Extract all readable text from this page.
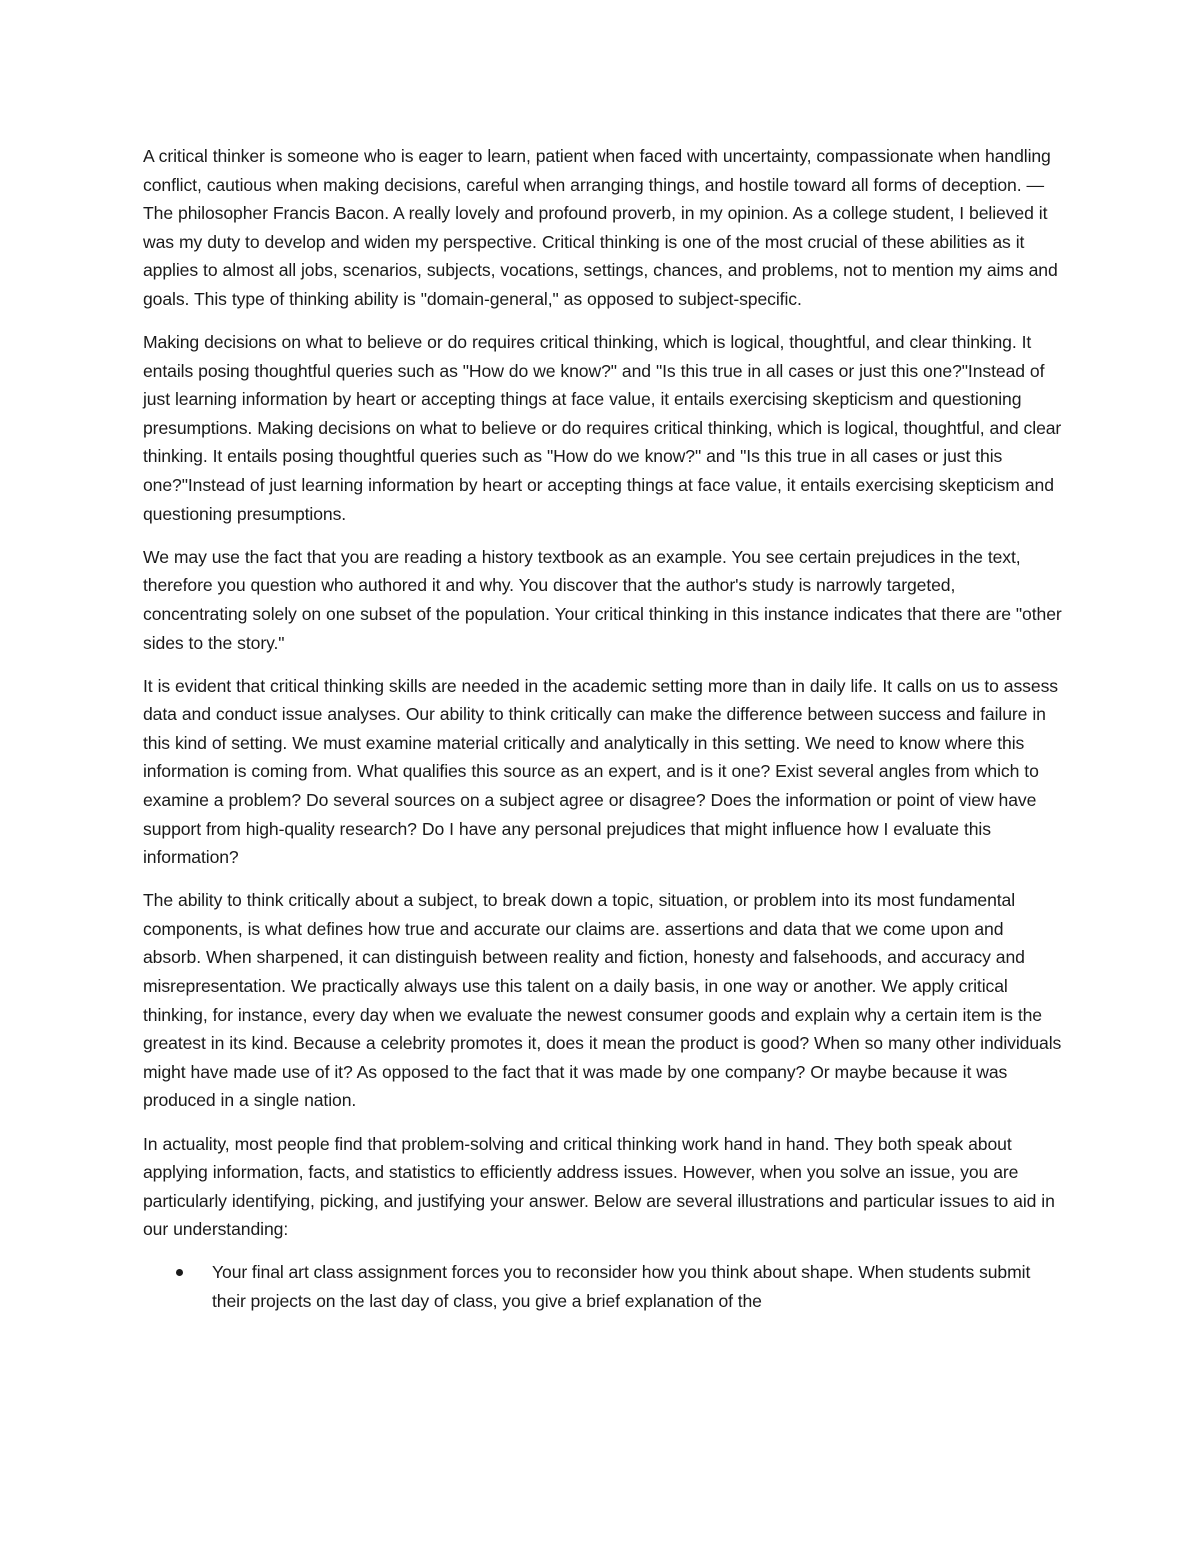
A critical thinker is someone who is eager to learn, patient when faced with uncertainty, compassionate when handling conflict, cautious when making decisions, careful when arranging things, and hostile toward all forms of deception. —The philosopher Francis Bacon. A really lovely and profound proverb, in my opinion. As a college student, I believed it was my duty to develop and widen my perspective. Critical thinking is one of the most crucial of these abilities as it applies to almost all jobs, scenarios, subjects, vocations, settings, chances, and problems, not to mention my aims and goals. This type of thinking ability is "domain-general," as opposed to subject-specific.

Making decisions on what to believe or do requires critical thinking, which is logical, thoughtful, and clear thinking. It entails posing thoughtful queries such as "How do we know?" and "Is this true in all cases or just this one?"Instead of just learning information by heart or accepting things at face value, it entails exercising skepticism and questioning presumptions. Making decisions on what to believe or do requires critical thinking, which is logical, thoughtful, and clear thinking. It entails posing thoughtful queries such as "How do we know?" and "Is this true in all cases or just this one?"Instead of just learning information by heart or accepting things at face value, it entails exercising skepticism and questioning presumptions.

We may use the fact that you are reading a history textbook as an example. You see certain prejudices in the text, therefore you question who authored it and why. You discover that the author's study is narrowly targeted, concentrating solely on one subset of the population. Your critical thinking in this instance indicates that there are "other sides to the story."

It is evident that critical thinking skills are needed in the academic setting more than in daily life. It calls on us to assess data and conduct issue analyses. Our ability to think critically can make the difference between success and failure in this kind of setting. We must examine material critically and analytically in this setting. We need to know where this information is coming from. What qualifies this source as an expert, and is it one? Exist several angles from which to examine a problem? Do several sources on a subject agree or disagree? Does the information or point of view have support from high-quality research? Do I have any personal prejudices that might influence how I evaluate this information?

The ability to think critically about a subject, to break down a topic, situation, or problem into its most fundamental components, is what defines how true and accurate our claims are. assertions and data that we come upon and absorb. When sharpened, it can distinguish between reality and fiction, honesty and falsehoods, and accuracy and misrepresentation. We practically always use this talent on a daily basis, in one way or another. We apply critical thinking, for instance, every day when we evaluate the newest consumer goods and explain why a certain item is the greatest in its kind. Because a celebrity promotes it, does it mean the product is good? When so many other individuals might have made use of it? As opposed to the fact that it was made by one company? Or maybe because it was produced in a single nation.

In actuality, most people find that problem-solving and critical thinking work hand in hand. They both speak about applying information, facts, and statistics to efficiently address issues. However, when you solve an issue, you are particularly identifying, picking, and justifying your answer. Below are several illustrations and particular issues to aid in our understanding:

Your final art class assignment forces you to reconsider how you think about shape. When students submit their projects on the last day of class, you give a brief explanation of the
